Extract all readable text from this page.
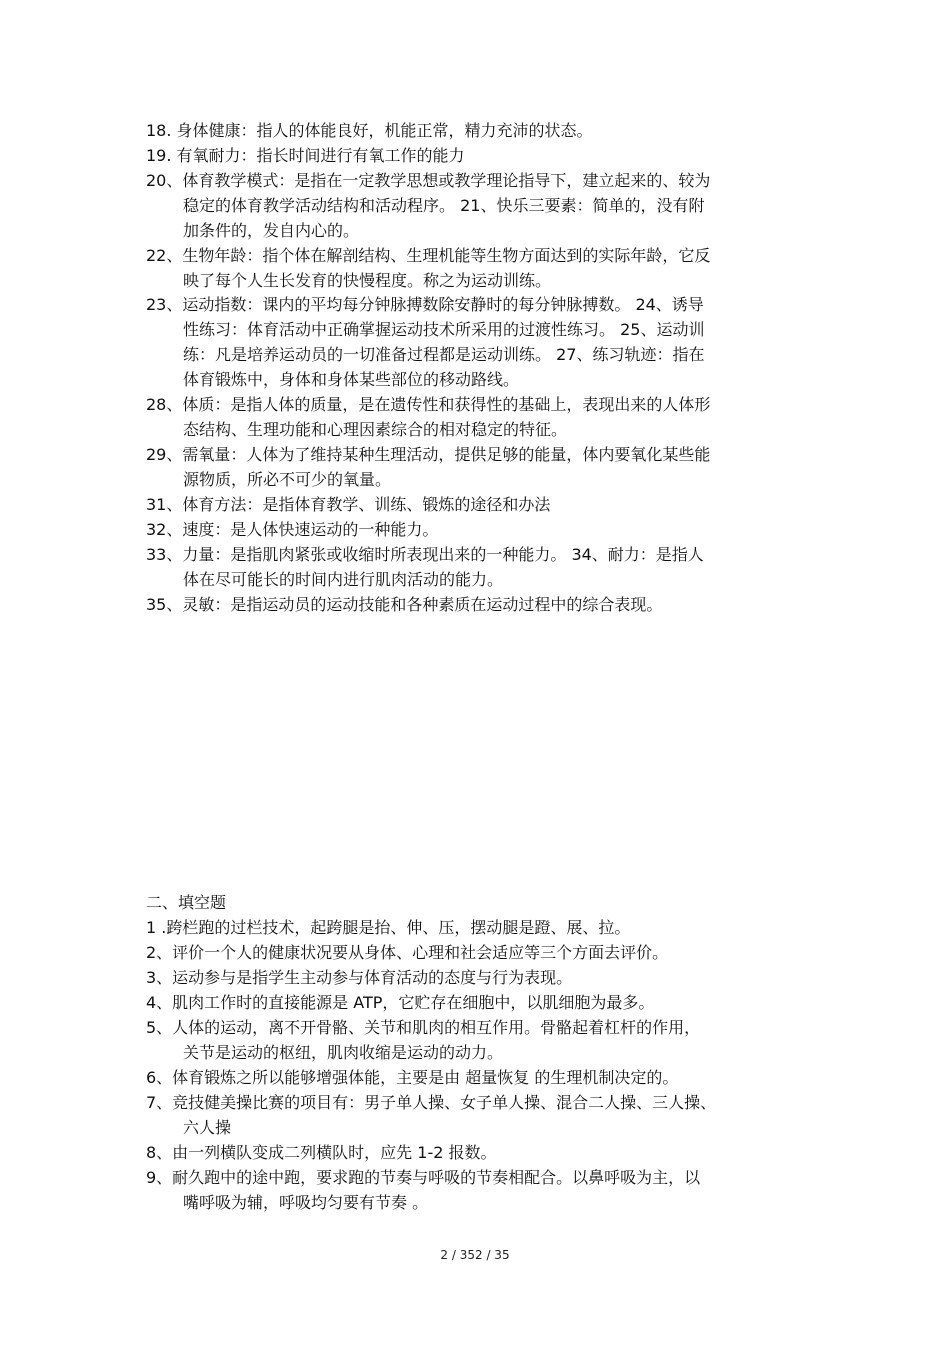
18. 身体健康：指人的体能良好，机能正常，精力充沛的状态。
19. 有氧耐力：指长时间进行有氧工作的能力
20、体育教学模式：是指在一定教学思想或教学理论指导下，建立起来的、较为
稳定的体育教学活动结构和活动程序。 21、快乐三要素：简单的，没有附
加条件的，发自内心的。
22、生物年龄：指个体在解剖结构、生理机能等生物方面达到的实际年龄，它反
映了每个人生长发育的快慢程度。称之为运动训练。
23、运动指数：课内的平均每分钟脉搏数除安静时的每分钟脉搏数。 24、诱导
性练习：体育活动中正确掌握运动技术所采用的过渡性练习。 25、运动训
练：凡是培养运动员的一切准备过程都是运动训练。 27、练习轨迹：指在
体育锻炼中，身体和身体某些部位的移动路线。
28、体质：是指人体的质量，是在遗传性和获得性的基础上，表现出来的人体形
态结构、生理功能和心理因素综合的相对稳定的特征。
29、需氧量：人体为了维持某种生理活动，提供足够的能量，体内要氧化某些能
源物质，所必不可少的氧量。
31、体育方法：是指体育教学、训练、锻炼的途径和办法
32、速度：是人体快速运动的一种能力。
33、力量：是指肌肉紧张或收缩时所表现出来的一种能力。 34、耐力：是指人
体在尽可能长的时间内进行肌肉活动的能力。
35、灵敏：是指运动员的运动技能和各种素质在运动过程中的综合表现。
二、填空题
1 .跨栏跑的过栏技术，起跨腿是抬、伸、压，摆动腿是蹬、展、拉。
2、评价一个人的健康状况要从身体、心理和社会适应等三个方面去评价。
3、运动参与是指学生主动参与体育活动的态度与行为表现。
4、肌肉工作时的直接能源是 ATP，它贮存在细胞中，以肌细胞为最多。
5、人体的运动，离不开骨骼、关节和肌肉的相互作用。骨骼起着杠杆的作用，
关节是运动的枢纽，肌肉收缩是运动的动力。
6、体育锻炼之所以能够增强体能，主要是由 超量恢复 的生理机制决定的。
7、竞技健美操比赛的项目有：男子单人操、女子单人操、混合二人操、三人操、
六人操
8、由一列横队变成二列横队时，应先 1-2 报数。
9、耐久跑中的途中跑，要求跑的节奏与呼吸的节奏相配合。以鼻呼吸为主，以
嘴呼吸为辅，呼吸均匀要有节奏 。
2 / 352 / 35
